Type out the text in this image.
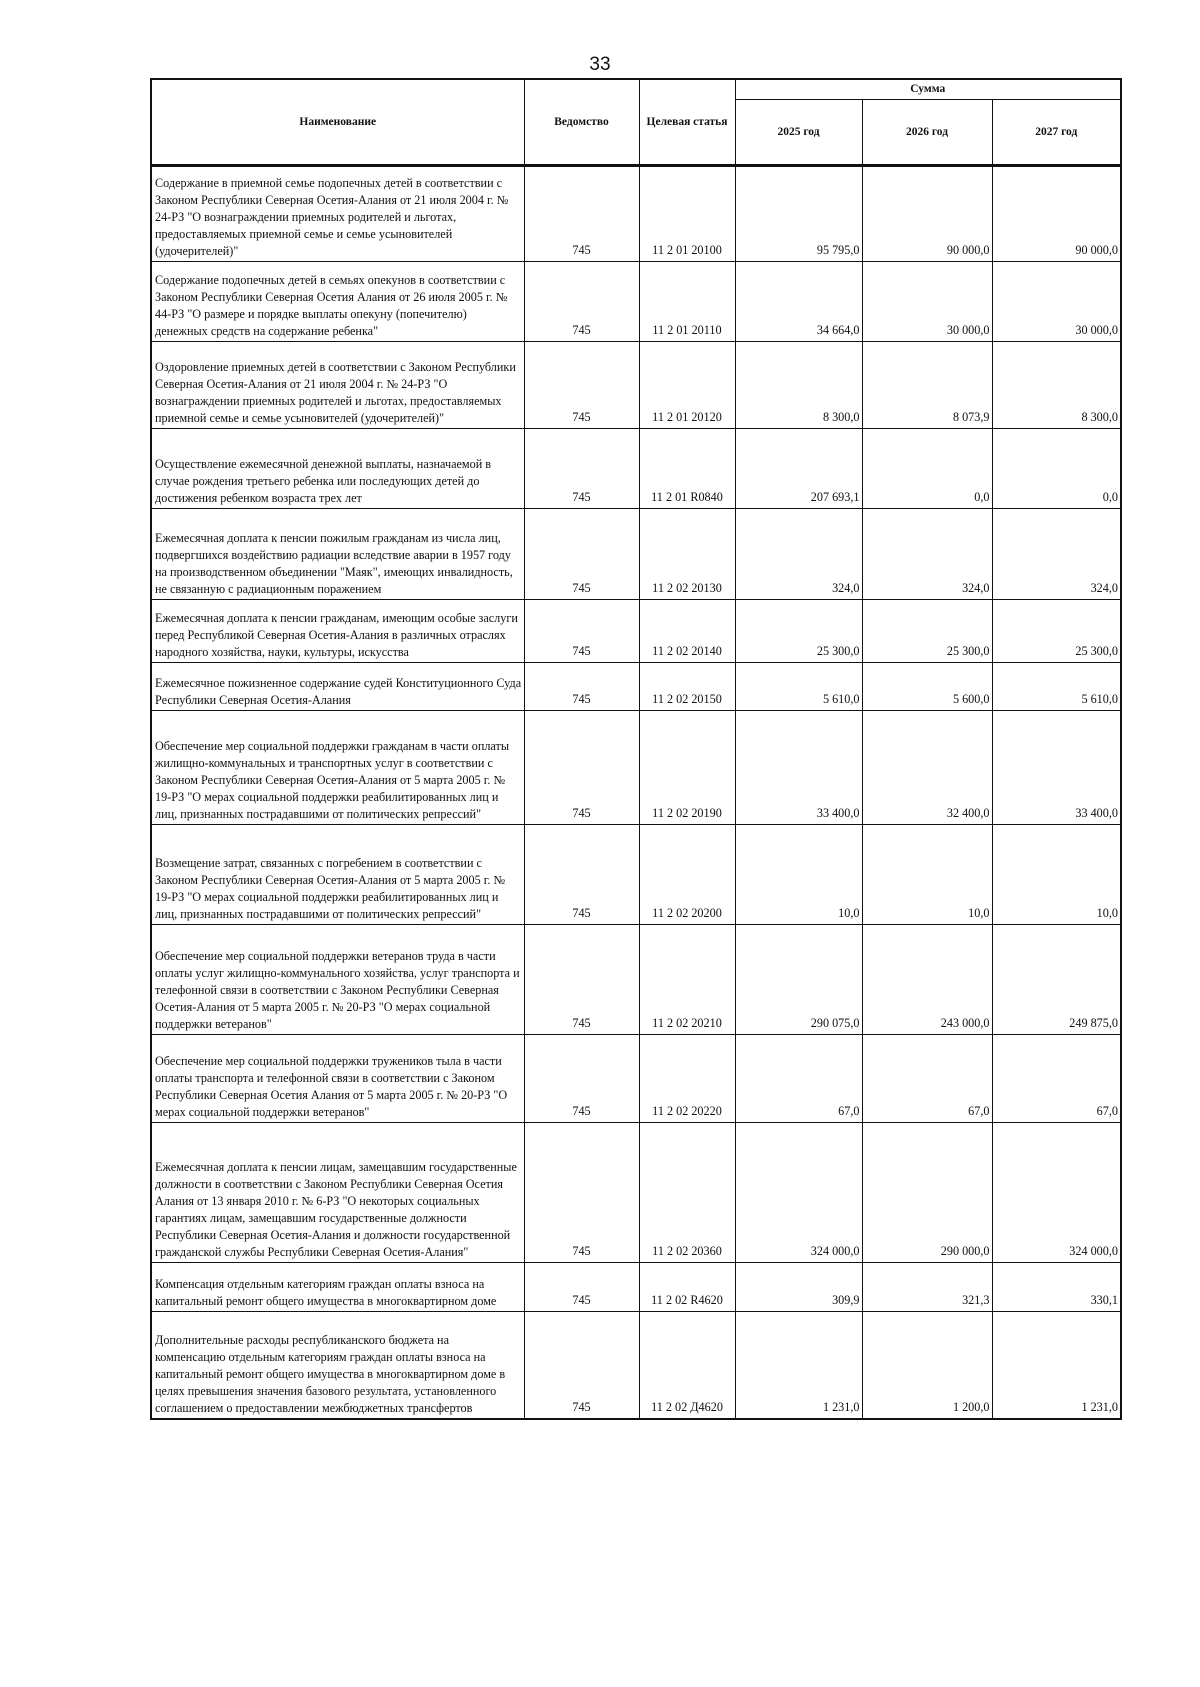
33
Наименование	Ведомство	Целевая статья	Сумма		
			2025 год	2026 год	2027 год
Содержание в приемной семье подопечных детей в соответствии с Законом Республики Северная Осетия-Алания от 21 июля 2004 г. № 24-РЗ "О вознаграждении приемных родителей и льготах, предоставляемых приемной семье и семье усыновителей (удочерителей)"	745	11 2 01 20100	95 795,0	90 000,0	90 000,0
Содержание подопечных детей в семьях опекунов в соответствии с Законом Республики Северная Осетия Алания от 26 июля 2005 г. № 44-РЗ "О размере и порядке выплаты опекуну (попечителю) денежных средств на содержание ребенка"	745	11 2 01 20110	34 664,0	30 000,0	30 000,0
Оздоровление приемных детей в соответствии с Законом Республики Северная Осетия-Алания от 21 июля 2004 г. № 24-РЗ "О вознаграждении приемных родителей и льготах, предоставляемых приемной семье и семье усыновителей (удочерителей)"	745	11 2 01 20120	8 300,0	8 073,9	8 300,0
Осуществление ежемесячной денежной выплаты, назначаемой в случае рождения третьего ребенка или последующих детей до достижения ребенком возраста трех лет	745	11 2 01 R0840	207 693,1	0,0	0,0
Ежемесячная доплата к пенсии пожилым гражданам из числа лиц, подвергшихся воздействию радиации вследствие аварии в 1957 году на производственном объединении "Маяк", имеющих инвалидность, не связанную с радиационным поражением	745	11 2 02 20130	324,0	324,0	324,0
Ежемесячная доплата к пенсии гражданам, имеющим особые заслуги перед Республикой Северная Осетия-Алания в различных отраслях народного хозяйства, науки, культуры, искусства	745	11 2 02 20140	25 300,0	25 300,0	25 300,0
Ежемесячное пожизненное содержание судей Конституционного Суда Республики Северная Осетия-Алания	745	11 2 02 20150	5 610,0	5 600,0	5 610,0
Обеспечение мер социальной поддержки гражданам в части оплаты жилищно-коммунальных и транспортных услуг в соответствии с Законом Республики Северная Осетия-Алания от 5 марта 2005 г. № 19-РЗ "О мерах социальной поддержки реабилитированных лиц и лиц, признанных пострадавшими от политических репрессий"	745	11 2 02 20190	33 400,0	32 400,0	33 400,0
Возмещение затрат, связанных с погребением в соответствии с Законом Республики Северная Осетия-Алания от 5 марта 2005 г. № 19-РЗ "О мерах социальной поддержки реабилитированных лиц и лиц, признанных пострадавшими от политических репрессий"	745	11 2 02 20200	10,0	10,0	10,0
Обеспечение мер социальной поддержки ветеранов труда в части оплаты услуг жилищно-коммунального хозяйства, услуг транспорта и телефонной связи в соответствии с Законом Республики Северная Осетия-Алания от 5 марта 2005 г. № 20-РЗ "О мерах социальной поддержки ветеранов"	745	11 2 02 20210	290 075,0	243 000,0	249 875,0
Обеспечение мер социальной поддержки тружеников тыла в части оплаты транспорта и телефонной связи в соответствии с Законом Республики Северная Осетия Алания от 5 марта 2005 г. № 20-РЗ "О мерах социальной поддержки ветеранов"	745	11 2 02 20220	67,0	67,0	67,0
Ежемесячная доплата к пенсии лицам, замещавшим государственные должности в соответствии с Законом Республики Северная Осетия Алания от 13 января 2010 г. № 6-РЗ "О некоторых социальных гарантиях лицам, замещавшим государственные должности Республики Северная Осетия-Алания и должности государственной гражданской службы Республики Северная Осетия-Алания"	745	11 2 02 20360	324 000,0	290 000,0	324 000,0
Компенсация отдельным категориям граждан оплаты взноса на капитальный ремонт общего имущества в многоквартирном доме	745	11 2 02 R4620	309,9	321,3	330,1
Дополнительные расходы республиканского бюджета на компенсацию отдельным категориям граждан оплаты взноса на капитальный ремонт общего имущества в многоквартирном доме в целях превышения значения базового результата, установленного соглашением о предоставлении межбюджетных трансфертов	745	11 2 02 Д4620	1 231,0	1 200,0	1 231,0
